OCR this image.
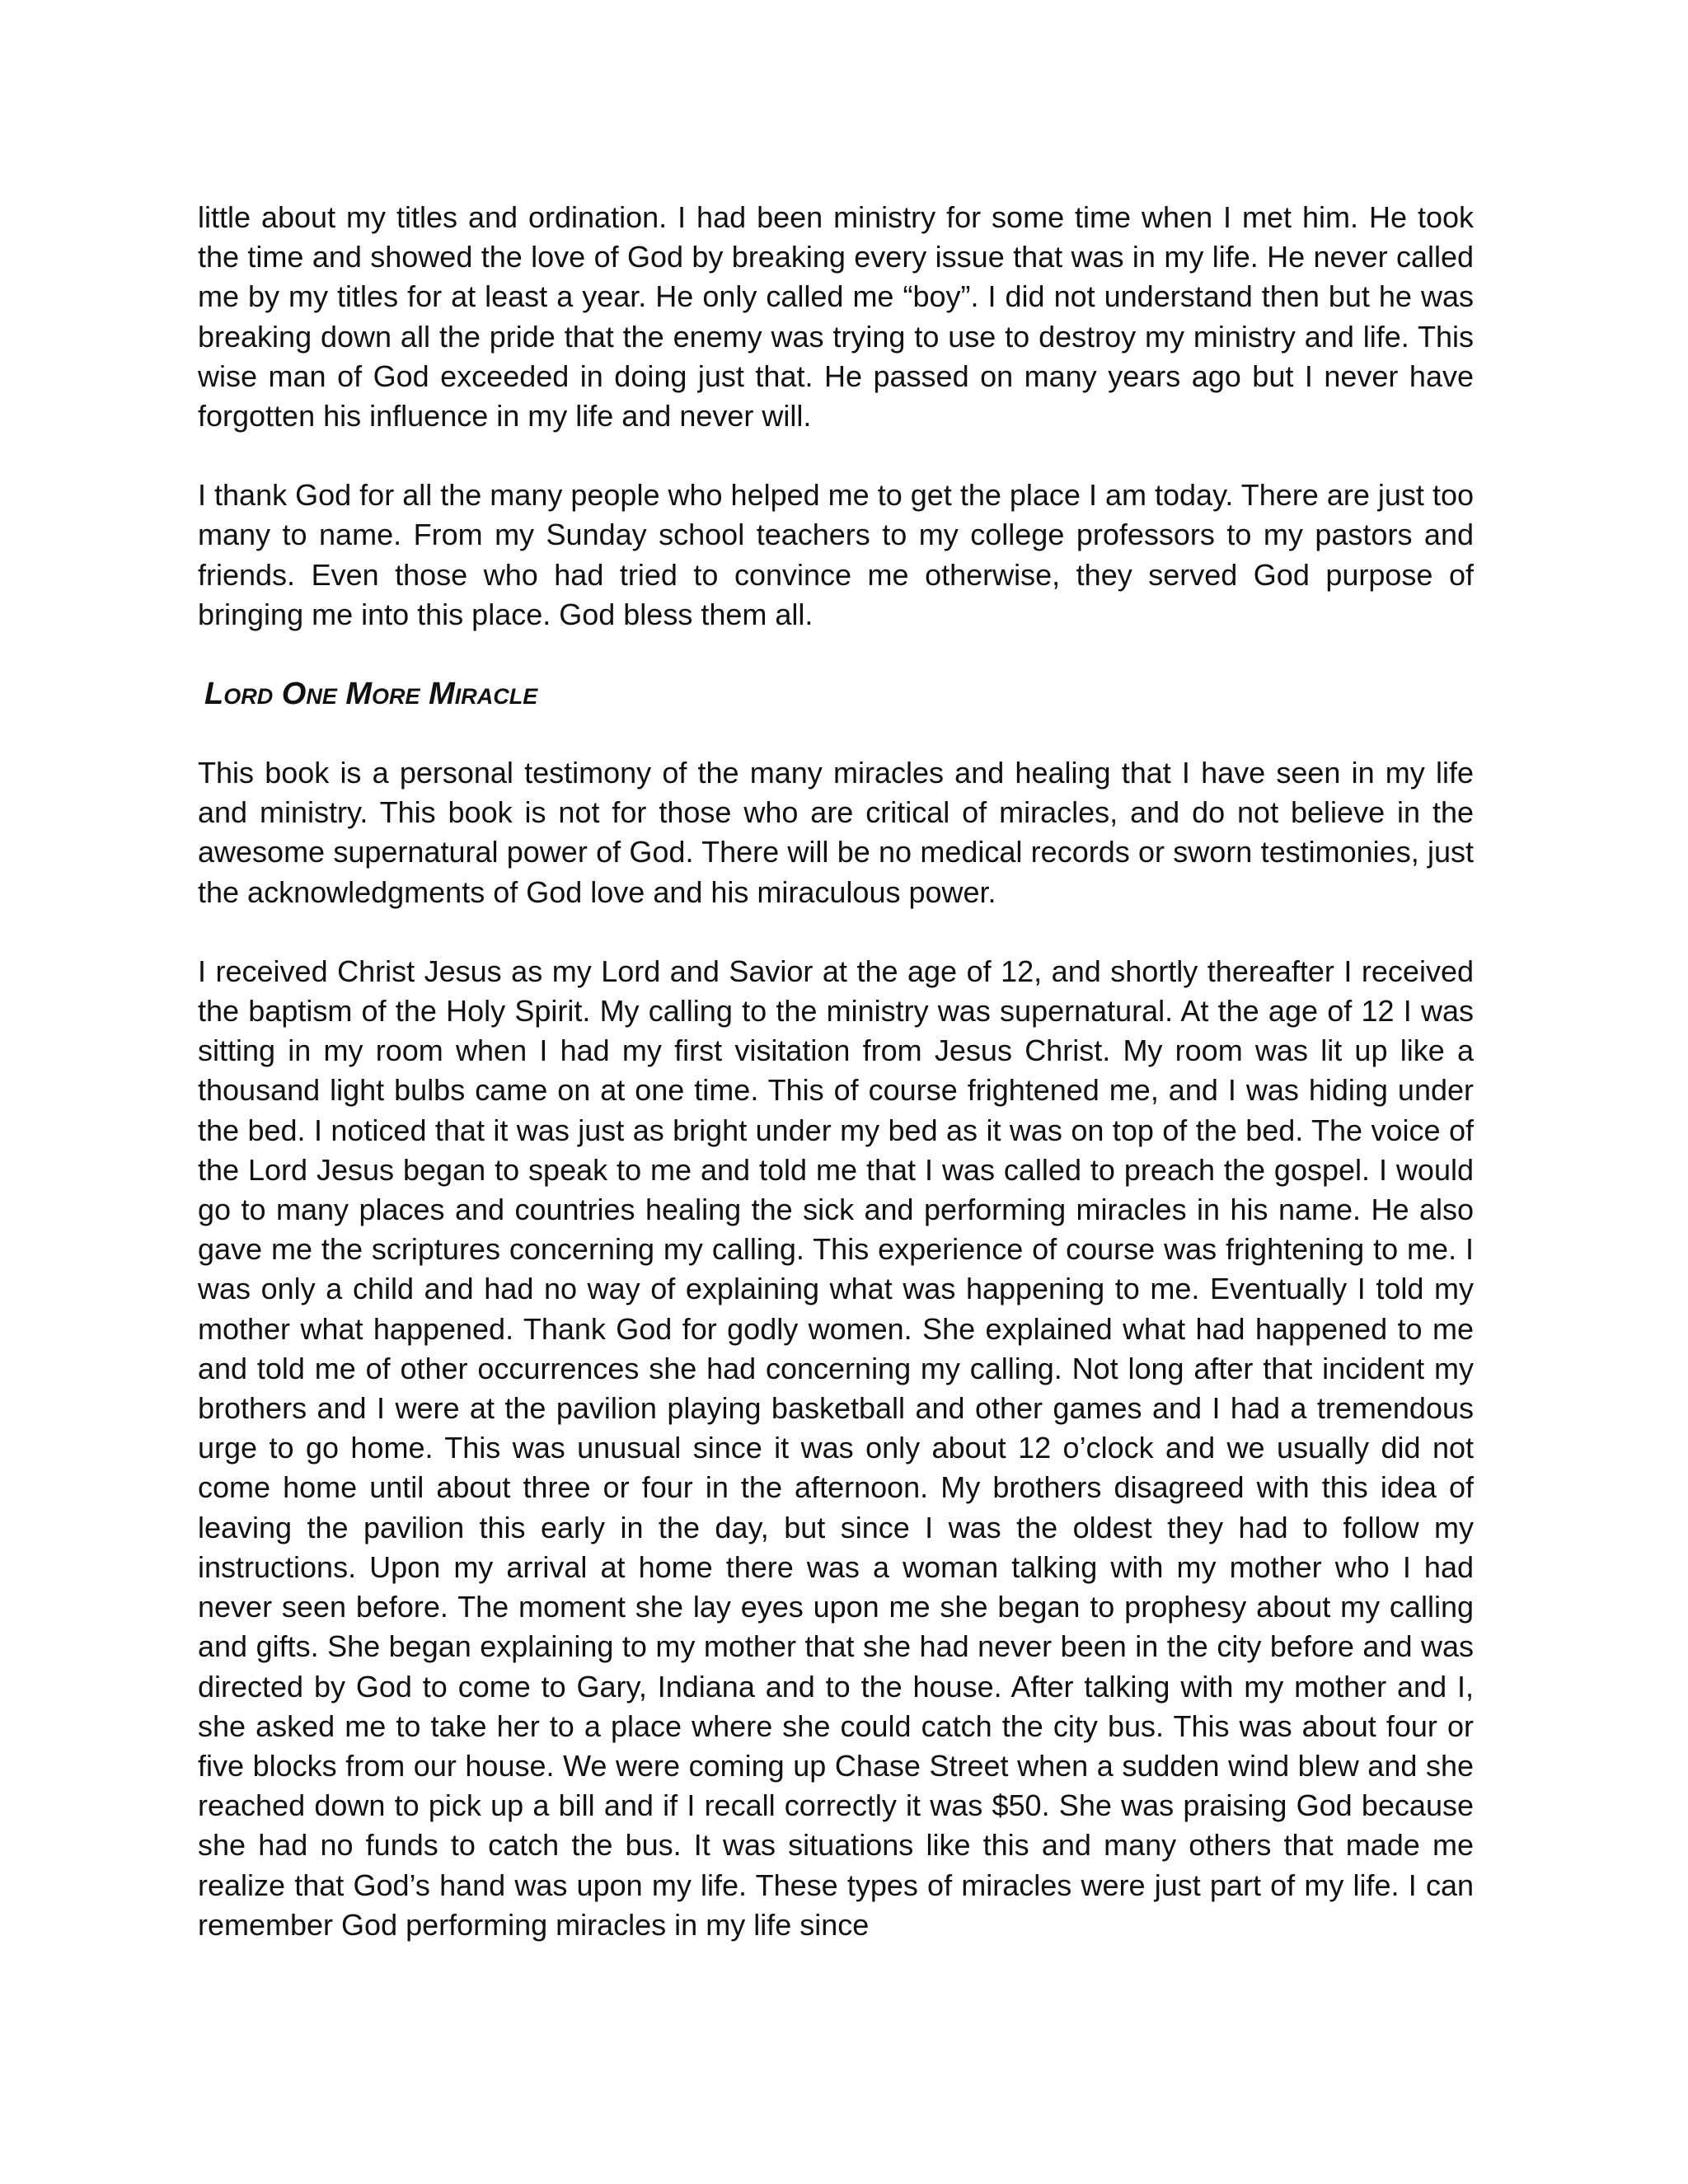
little about my titles and ordination. I had been ministry for some time when I met him. He took the time and showed the love of God by breaking every issue that was in my life. He never called me by my titles for at least a year. He only called me “boy”. I did not understand then but he was breaking down all the pride that the enemy was trying to use to destroy my ministry and life. This wise man of God exceeded in doing just that. He passed on many years ago but I never have forgotten his influence in my life and never will.

I thank God for all the many people who helped me to get the place I am today. There are just too many to name. From my Sunday school teachers to my college professors to my pastors and friends. Even those who had tried to convince me otherwise, they served God purpose of bringing me into this place. God bless them all.

Lord One More Miracle

This book is a personal testimony of the many miracles and healing that I have seen in my life and ministry. This book is not for those who are critical of miracles, and do not believe in the awesome supernatural power of God. There will be no medical records or sworn testimonies, just the acknowledgments of God love and his miraculous power.

I received Christ Jesus as my Lord and Savior at the age of 12, and shortly thereafter I received the baptism of the Holy Spirit. My calling to the ministry was supernatural. At the age of 12 I was sitting in my room when I had my first visitation from Jesus Christ. My room was lit up like a thousand light bulbs came on at one time. This of course frightened me, and I was hiding under the bed. I noticed that it was just as bright under my bed as it was on top of the bed. The voice of the Lord Jesus began to speak to me and told me that I was called to preach the gospel. I would go to many places and countries healing the sick and performing miracles in his name. He also gave me the scriptures concerning my calling. This experience of course was frightening to me. I was only a child and had no way of explaining what was happening to me. Eventually I told my mother what happened. Thank God for godly women. She explained what had happened to me and told me of other occurrences she had concerning my calling. Not long after that incident my brothers and I were at the pavilion playing basketball and other games and I had a tremendous urge to go home. This was unusual since it was only about 12 o’clock and we usually did not come home until about three or four in the afternoon. My brothers disagreed with this idea of leaving the pavilion this early in the day, but since I was the oldest they had to follow my instructions. Upon my arrival at home there was a woman talking with my mother who I had never seen before. The moment she lay eyes upon me she began to prophesy about my calling and gifts. She began explaining to my mother that she had never been in the city before and was directed by God to come to Gary, Indiana and to the house. After talking with my mother and I, she asked me to take her to a place where she could catch the city bus. This was about four or five blocks from our house. We were coming up Chase Street when a sudden wind blew and she reached down to pick up a bill and if I recall correctly it was $50. She was praising God because she had no funds to catch the bus. It was situations like this and many others that made me realize that God’s hand was upon my life. These types of miracles were just part of my life. I can remember God performing miracles in my life since
